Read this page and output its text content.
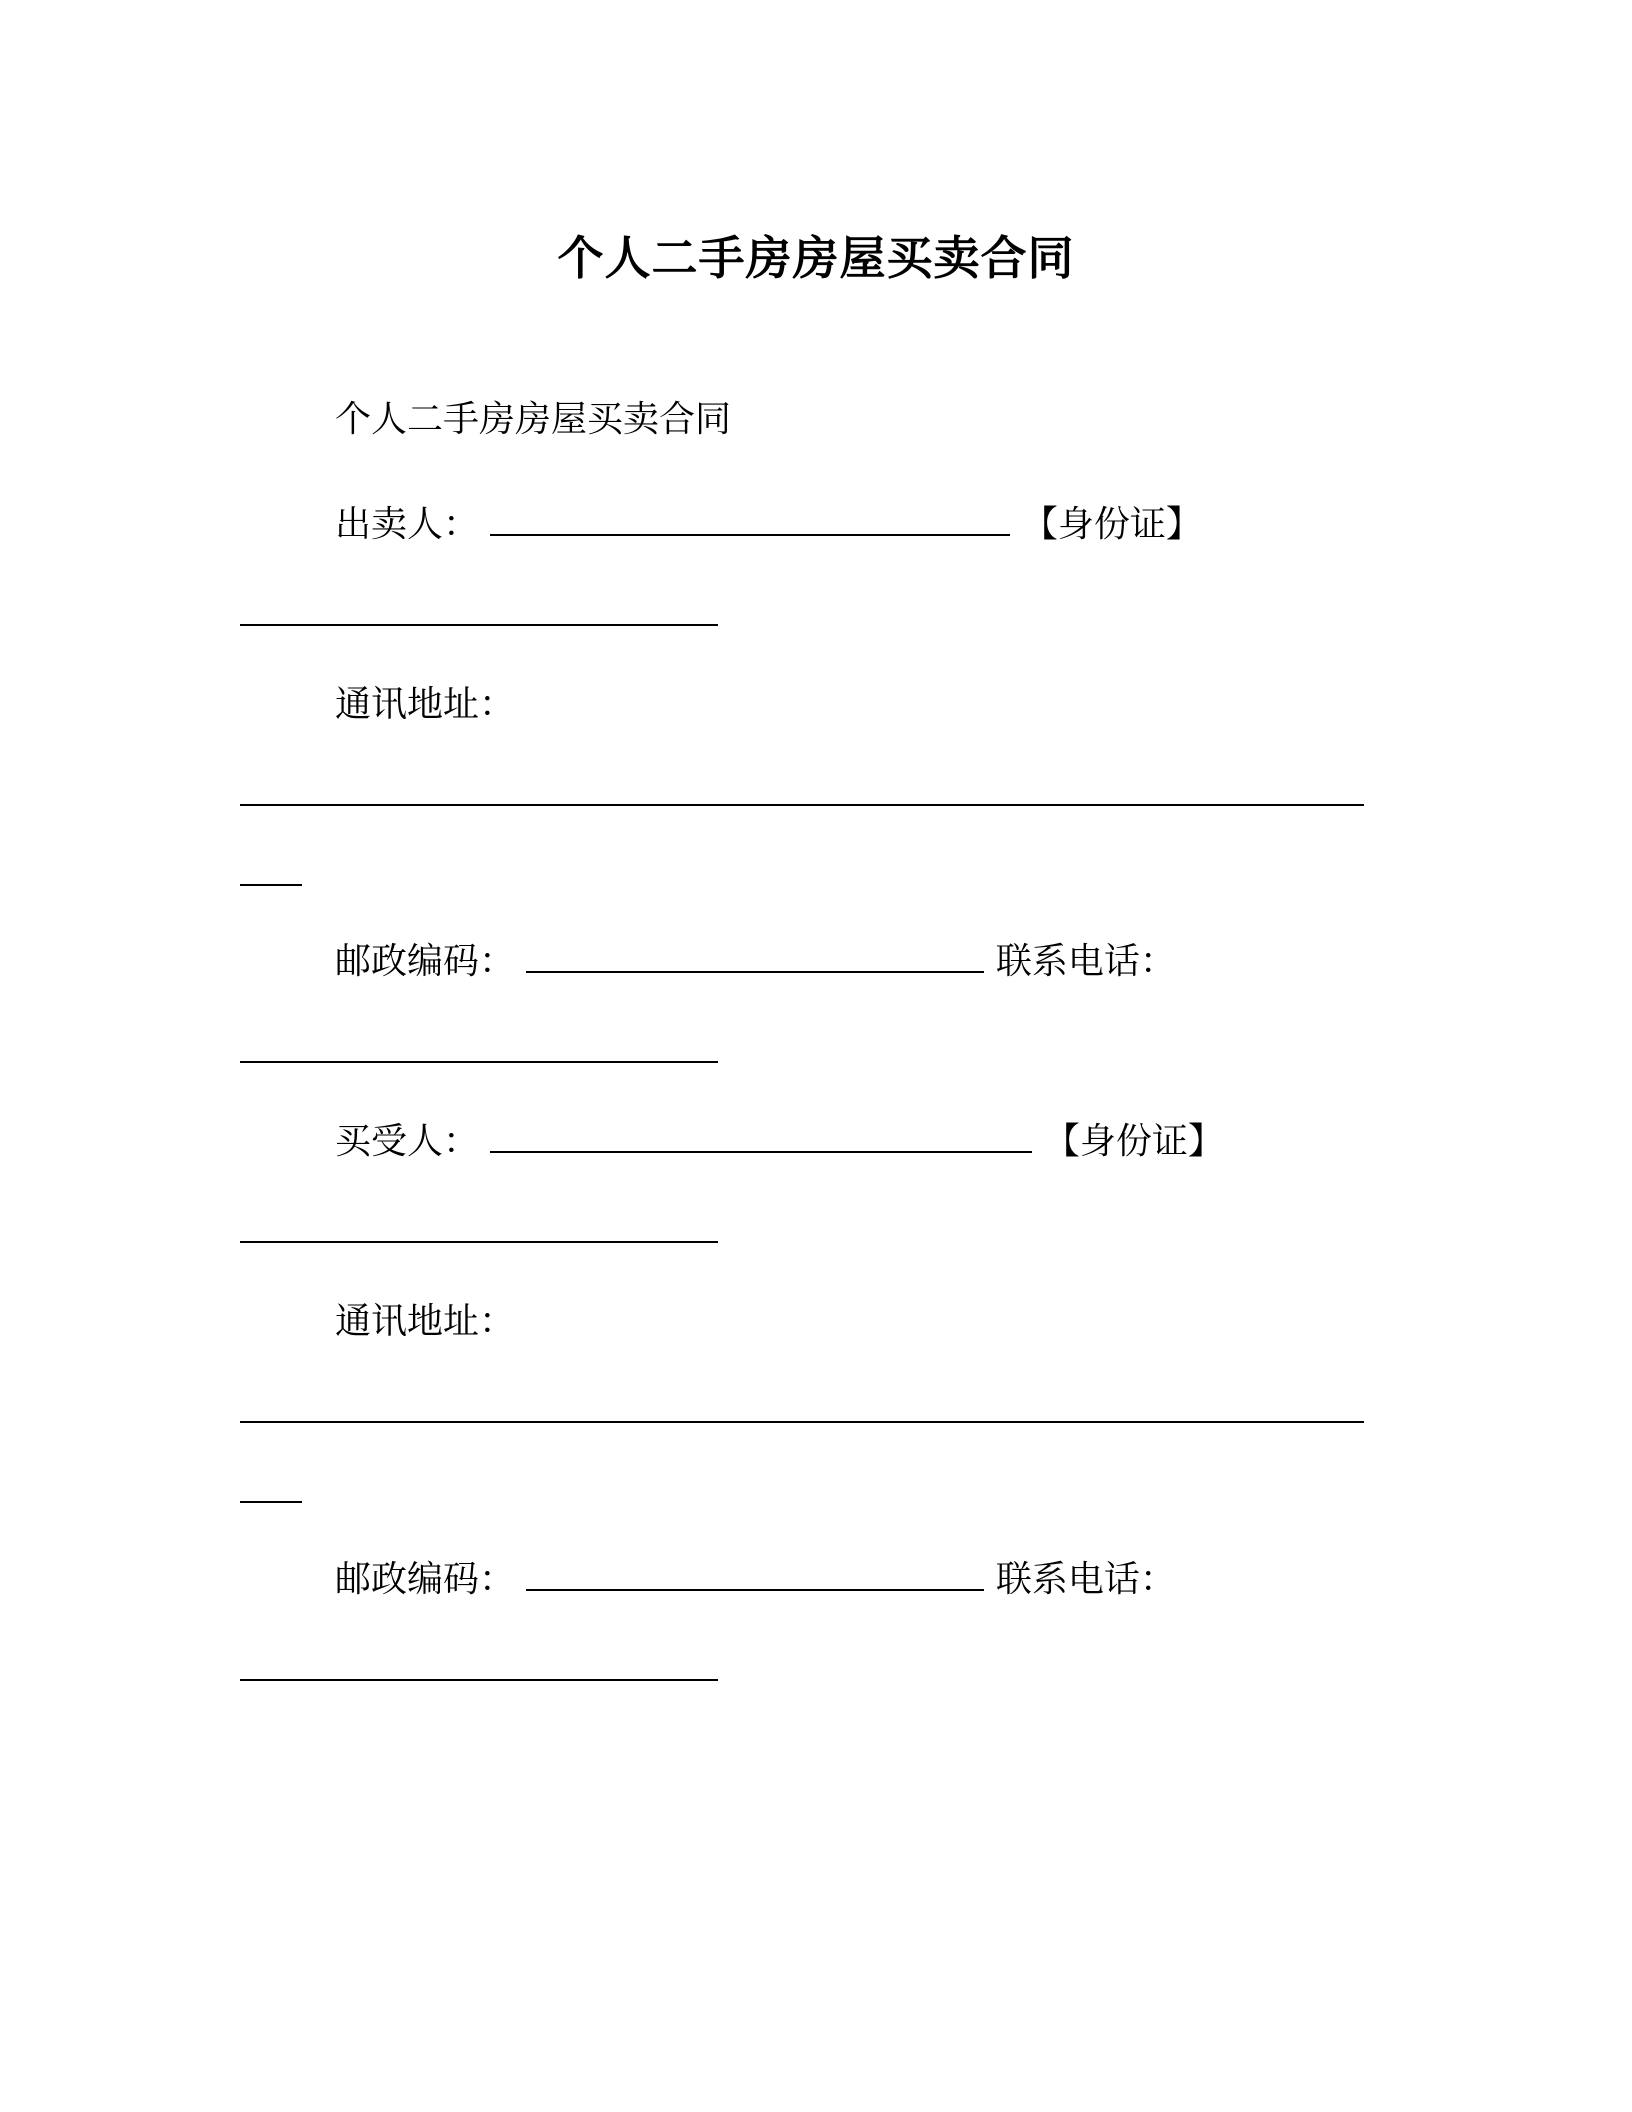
个人二手房房屋买卖合同
个人二手房房屋买卖合同
出卖人：	【身份证】
通讯地址：
邮政编码：	联系电话：
买受人：	【身份证】
通讯地址：
邮政编码：	联系电话：
